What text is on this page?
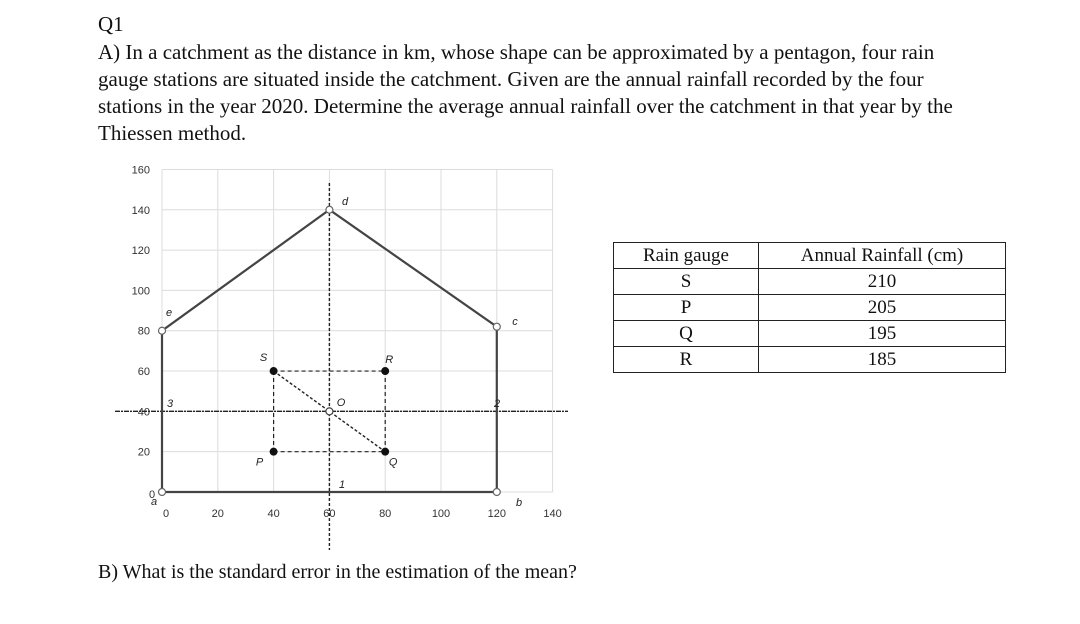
Q1
A) In a catchment as the distance in km, whose shape can be approximated by a pentagon, four rain gauge stations are situated inside the catchment. Given are the annual rainfall recorded by the four stations in the year 2020. Determine the average annual rainfall over the catchment in that year by the Thiessen method.
0	20	40	60	80	100	120	140
0
20
40
60
80
100
120
140
160
S	R
P	Q
a	b
c
d
e
3	2
1
O
Rain gauge	Annual Rainfall (cm)
S	210
P	205
Q	195
R	185
B) What is the standard error in the estimation of the mean?
